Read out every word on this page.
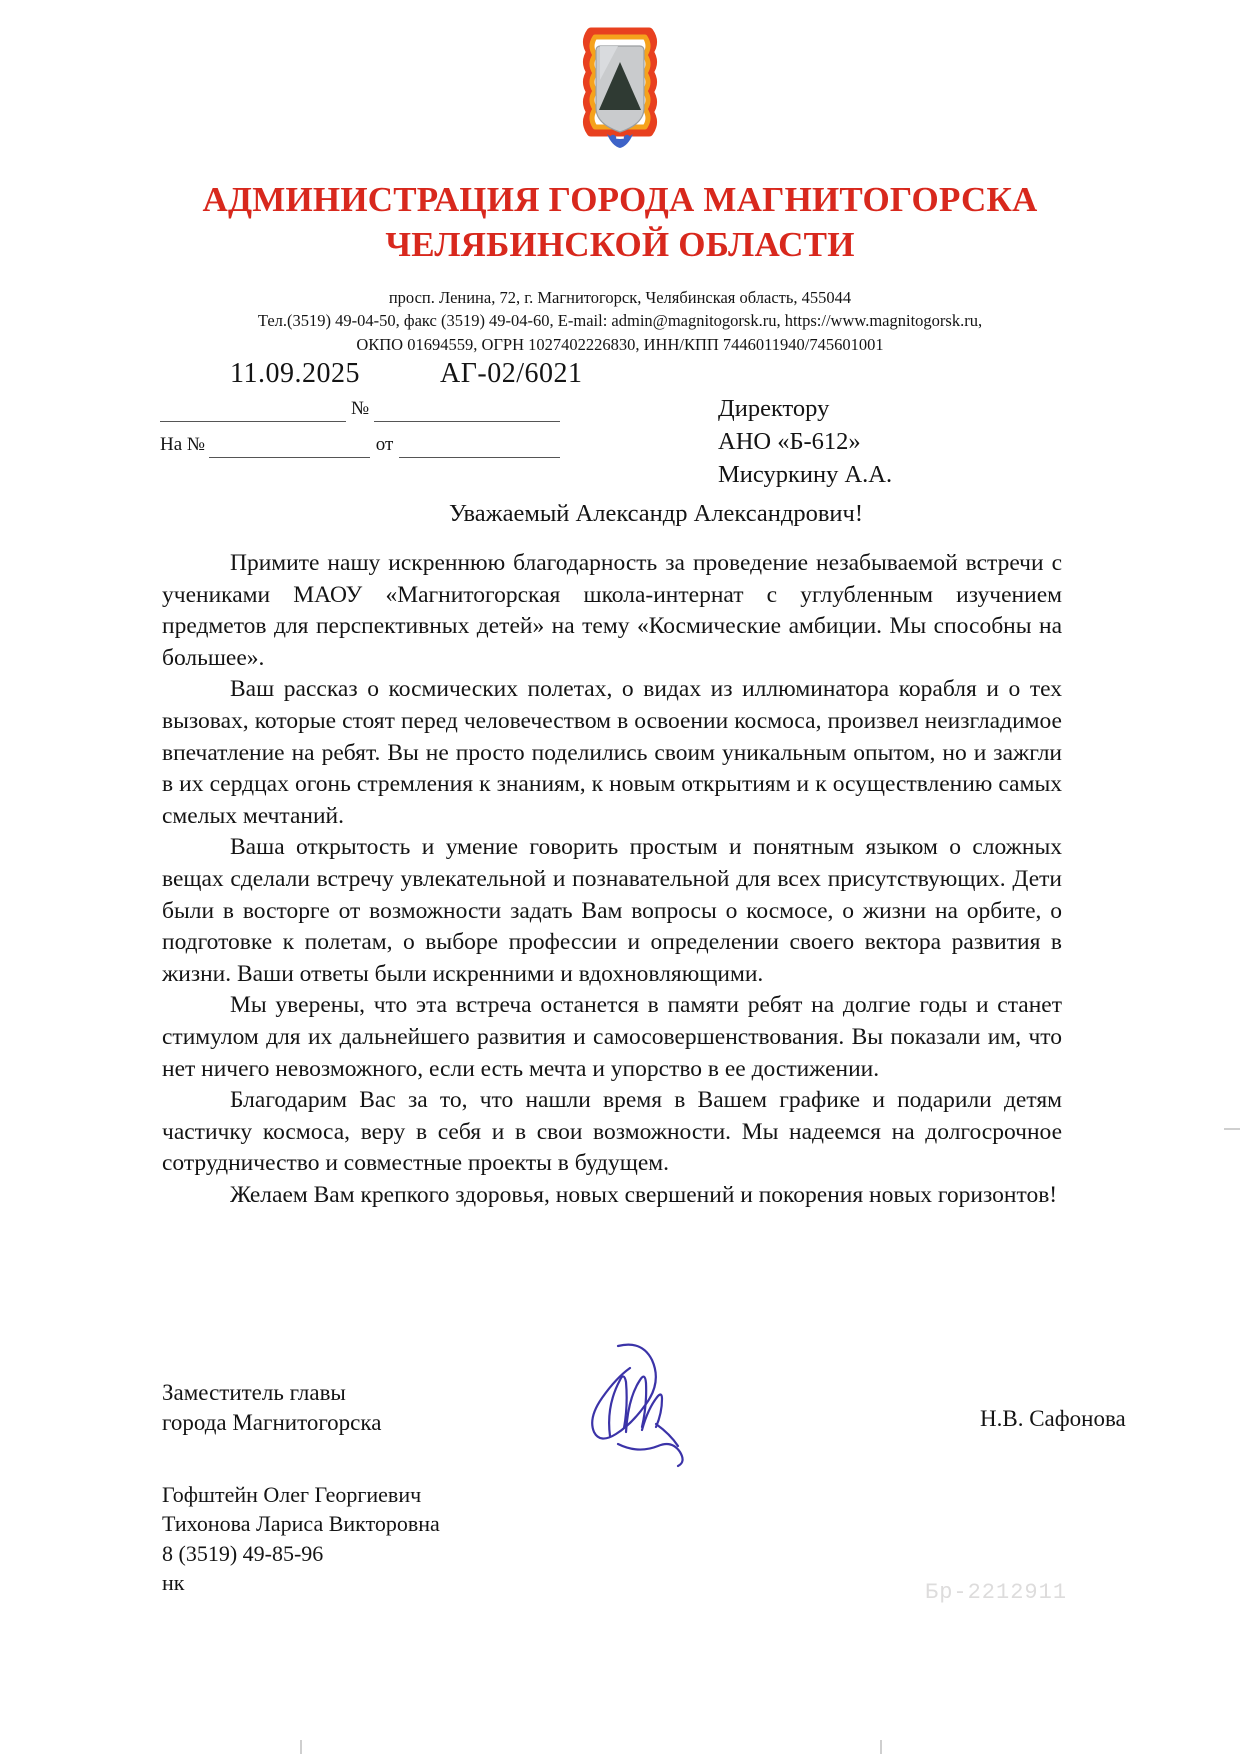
АДМИНИСТРАЦИЯ ГОРОДА МАГНИТОГОРСКА
ЧЕЛЯБИНСКОЙ ОБЛАСТИ
просп. Ленина, 72, г. Магнитогорск, Челябинская область, 455044
Тел.(3519) 49-04-50, факс (3519) 49-04-60, E-mail: admin@magnitogorsk.ru, https://www.magnitogorsk.ru,
ОКПО 01694559, ОГРН 1027402226830, ИНН/КПП 7446011940/745601001
11.09.2025	АГ-02/6021
№
На №	от
Директору
АНО «Б-612»
Мисуркину А.А.
Уважаемый Александр Александрович!

Примите нашу искреннюю благодарность за проведение незабываемой встречи с учениками МАОУ «Магнитогорская школа-интернат с углубленным изучением предметов для перспективных детей» на тему «Космические амбиции. Мы способны на большее».

Ваш рассказ о космических полетах, о видах из иллюминатора корабля и о тех вызовах, которые стоят перед человечеством в освоении космоса, произвел неизгладимое впечатление на ребят. Вы не просто поделились своим уникальным опытом, но и зажгли в их сердцах огонь стремления к знаниям, к новым открытиям и к осуществлению самых смелых мечтаний.

Ваша открытость и умение говорить простым и понятным языком о сложных вещах сделали встречу увлекательной и познавательной для всех присутствующих. Дети были в восторге от возможности задать Вам вопросы о космосе, о жизни на орбите, о подготовке к полетам, о выборе профессии и определении своего вектора развития в жизни. Ваши ответы были искренними и вдохновляющими.

Мы уверены, что эта встреча останется в памяти ребят на долгие годы и станет стимулом для их дальнейшего развития и самосовершенствования. Вы показали им, что нет ничего невозможного, если есть мечта и упорство в ее достижении.

Благодарим Вас за то, что нашли время в Вашем графике и подарили детям частичку космоса, веру в себя и в свои возможности. Мы надеемся на долгосрочное сотрудничество и совместные проекты в будущем.

Желаем Вам крепкого здоровья, новых свершений и покорения новых горизонтов!

Заместитель главы
города Магнитогорска	Н.В. Сафонова
Гофштейн Олег Георгиевич
Тихонова Лариса Викторовна
8 (3519) 49-85-96
нк	Бр-2212911
